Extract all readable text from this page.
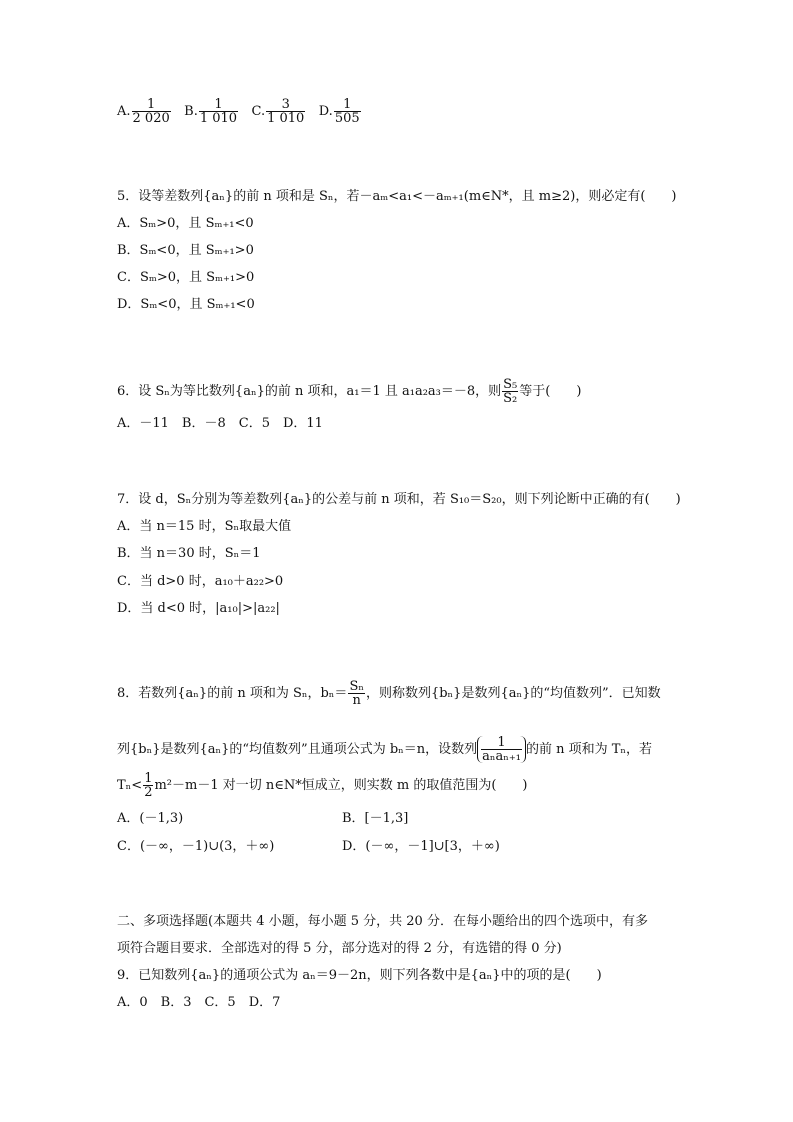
A. $\frac{1}{2 020} B$. $\frac{1}{1 010} C$. $\frac{3}{1 010} D$. $\frac{1}{505}$
5．设等差数列{aₙ}的前 n 项和是 Sₙ，若－aₘ<a₁<－aₘ₊₁(m∈N*，且 m≥2)，则必定有(　　)
A．Sₘ>0，且 Sₘ₊₁<0
B．Sₘ<0，且 Sₘ₊₁>0
C．Sₘ>0，且 Sₘ₊₁>0
D．Sₘ<0，且 Sₘ₊₁<0
6．设 Sₙ为等比数列{aₙ}的前 n 项和，a₁＝1 且 a₁a₂a₃＝－8，则 $\frac{\text{S₅}}{\text{S₂}}$ 等于(　　)
A．－11　B．－8　C．5　D．11
7．设 d，Sₙ分别为等差数列{aₙ}的公差与前 n 项和，若 S₁₀＝S₂₀，则下列论断中正确的有(　　)
A．当 n＝15 时，Sₙ取最大值
B．当 n＝30 时，Sₙ＝1
C．当 d>0 时，a₁₀＋a₂₂>0
D．当 d<0 时，|a₁₀|>|a₂₂|
8．若数列{aₙ}的前 n 项和为 Sₙ，$b_n= \frac{\text{Sₙ}}{n}$ ，则称数列{bₙ}是数列{aₙ}的“均值数列”．已知数
列{bₙ}是数列{aₙ}的“均值数列”且通项公式为 bₙ＝n，设数列 $\frac{1}{\text{aₙaₙ₊₁}}$ 的前 n 项和为 Tₙ，若
$T_n< \frac{1}{2} m^2-m-1$ 对一切 n∈N*恒成立，则实数 m 的取值范围为(　　)
A．(－1,3)	B．[－1,3]
C．(－∞，－1)∪(3，＋∞)	D．(－∞，－1]∪[3，＋∞)
二、多项选择题(本题共 4 小题，每小题 5 分，共 20 分．在每小题给出的四个选项中，有多
项符合题目要求．全部选对的得 5 分，部分选对的得 2 分，有选错的得 0 分)
9．已知数列{aₙ}的通项公式为 aₙ＝9－2n，则下列各数中是{aₙ}中的项的是(　　)
A．0　B．3　C．5　D．7
